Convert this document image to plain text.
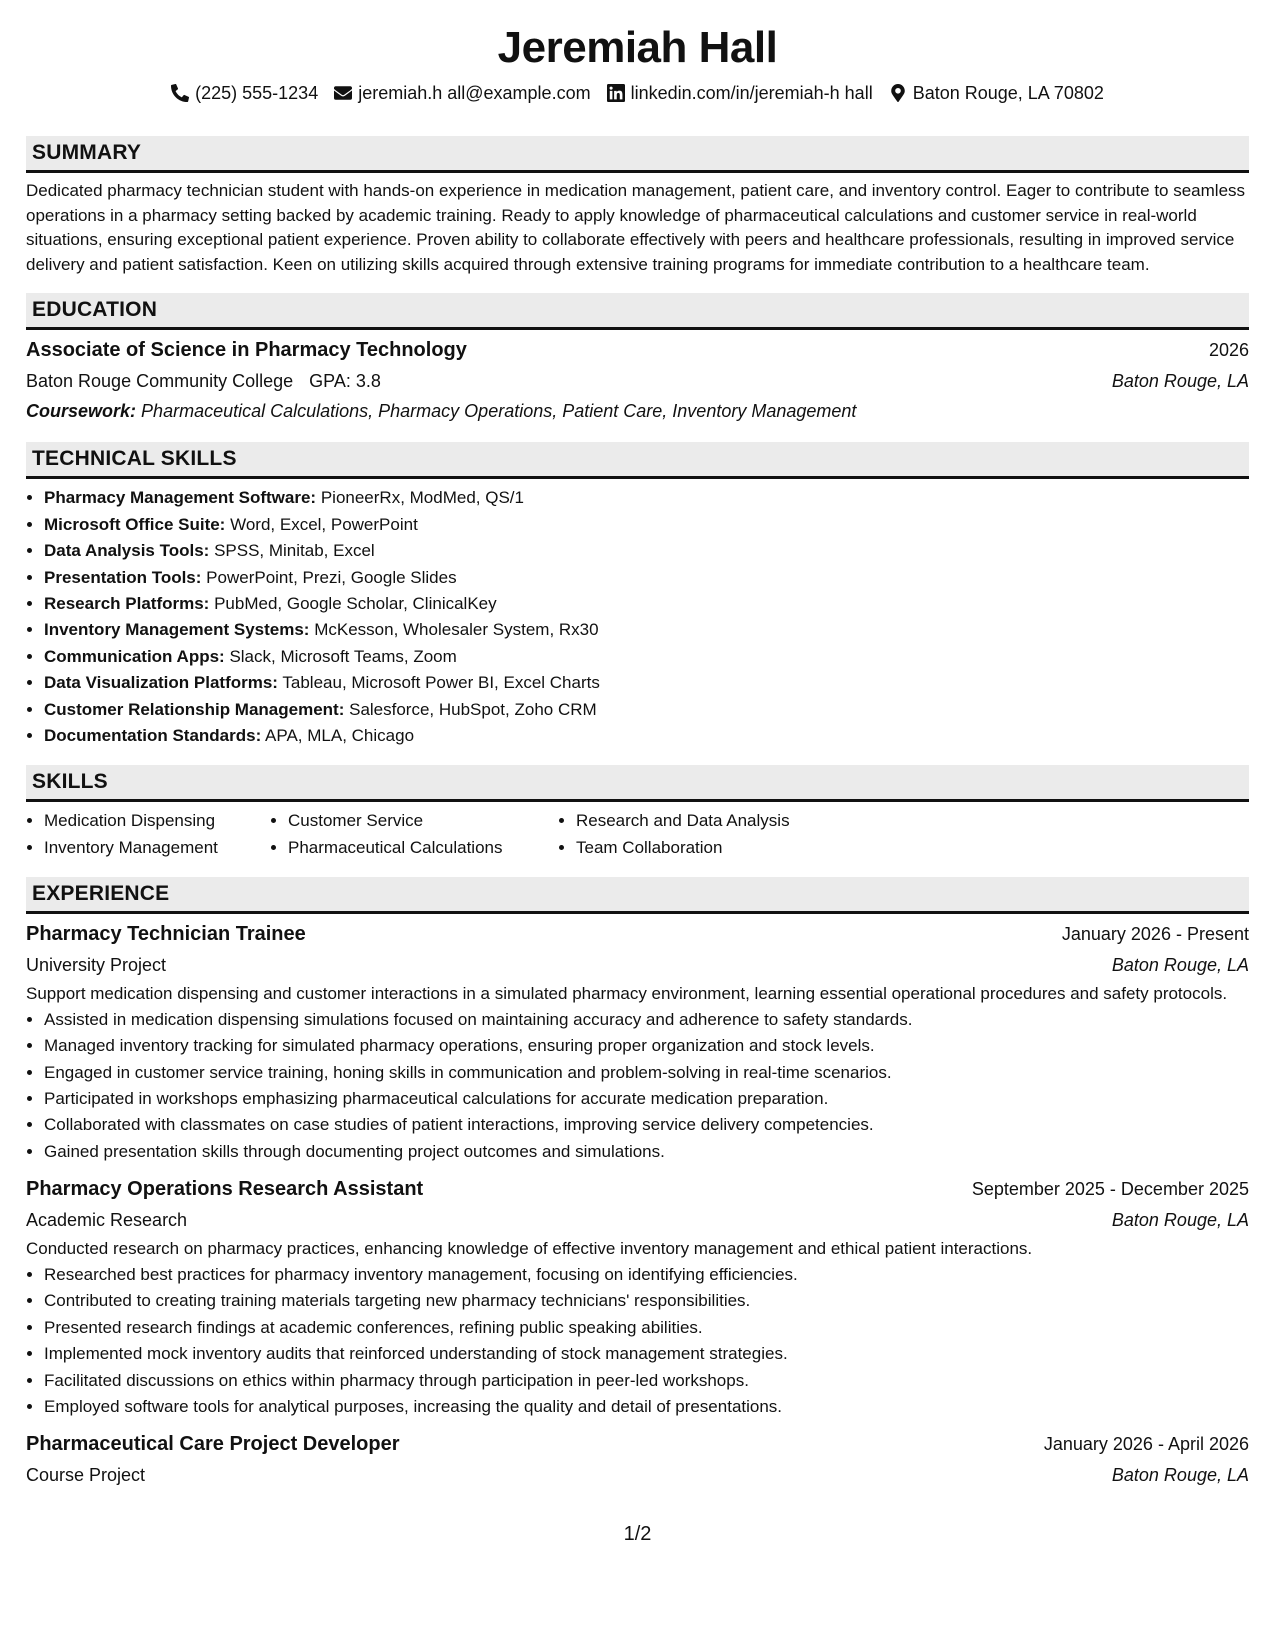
Jeremiah Hall
(225) 555-1234 jeremiah.h all@example.com linkedin.com/in/jeremiah-h hall Baton Rouge, LA 70802
SUMMARY
Dedicated pharmacy technician student with hands-on experience in medication management, patient care, and inventory control. Eager to contribute to seamless operations in a pharmacy setting backed by academic training. Ready to apply knowledge of pharmaceutical calculations and customer service in real-world situations, ensuring exceptional patient experience. Proven ability to collaborate effectively with peers and healthcare professionals, resulting in improved service delivery and patient satisfaction. Keen on utilizing skills acquired through extensive training programs for immediate contribution to a healthcare team.
EDUCATION
Associate of Science in Pharmacy Technology	2026
Baton Rouge Community College GPA: 3.8	Baton Rouge, LA
Coursework: Pharmaceutical Calculations, Pharmacy Operations, Patient Care, Inventory Management
TECHNICAL SKILLS
• Pharmacy Management Software: PioneerRx, ModMed, QS/1
• Microsoft Office Suite: Word, Excel, PowerPoint
• Data Analysis Tools: SPSS, Minitab, Excel
• Presentation Tools: PowerPoint, Prezi, Google Slides
• Research Platforms: PubMed, Google Scholar, ClinicalKey
• Inventory Management Systems: McKesson, Wholesaler System, Rx30
• Communication Apps: Slack, Microsoft Teams, Zoom
• Data Visualization Platforms: Tableau, Microsoft Power BI, Excel Charts
• Customer Relationship Management: Salesforce, HubSpot, Zoho CRM
• Documentation Standards: APA, MLA, Chicago
SKILLS
• Medication Dispensing
• Inventory Management
• Customer Service
• Pharmaceutical Calculations
• Research and Data Analysis
• Team Collaboration
EXPERIENCE
Pharmacy Technician Trainee	January 2026 - Present
University Project	Baton Rouge, LA
Support medication dispensing and customer interactions in a simulated pharmacy environment, learning essential operational procedures and safety protocols.
• Assisted in medication dispensing simulations focused on maintaining accuracy and adherence to safety standards.
• Managed inventory tracking for simulated pharmacy operations, ensuring proper organization and stock levels.
• Engaged in customer service training, honing skills in communication and problem-solving in real-time scenarios.
• Participated in workshops emphasizing pharmaceutical calculations for accurate medication preparation.
• Collaborated with classmates on case studies of patient interactions, improving service delivery competencies.
• Gained presentation skills through documenting project outcomes and simulations.
Pharmacy Operations Research Assistant	September 2025 - December 2025
Academic Research	Baton Rouge, LA
Conducted research on pharmacy practices, enhancing knowledge of effective inventory management and ethical patient interactions.
• Researched best practices for pharmacy inventory management, focusing on identifying efficiencies.
• Contributed to creating training materials targeting new pharmacy technicians' responsibilities.
• Presented research findings at academic conferences, refining public speaking abilities.
• Implemented mock inventory audits that reinforced understanding of stock management strategies.
• Facilitated discussions on ethics within pharmacy through participation in peer-led workshops.
• Employed software tools for analytical purposes, increasing the quality and detail of presentations.
Pharmaceutical Care Project Developer	January 2026 - April 2026
Course Project	Baton Rouge, LA
1/2
